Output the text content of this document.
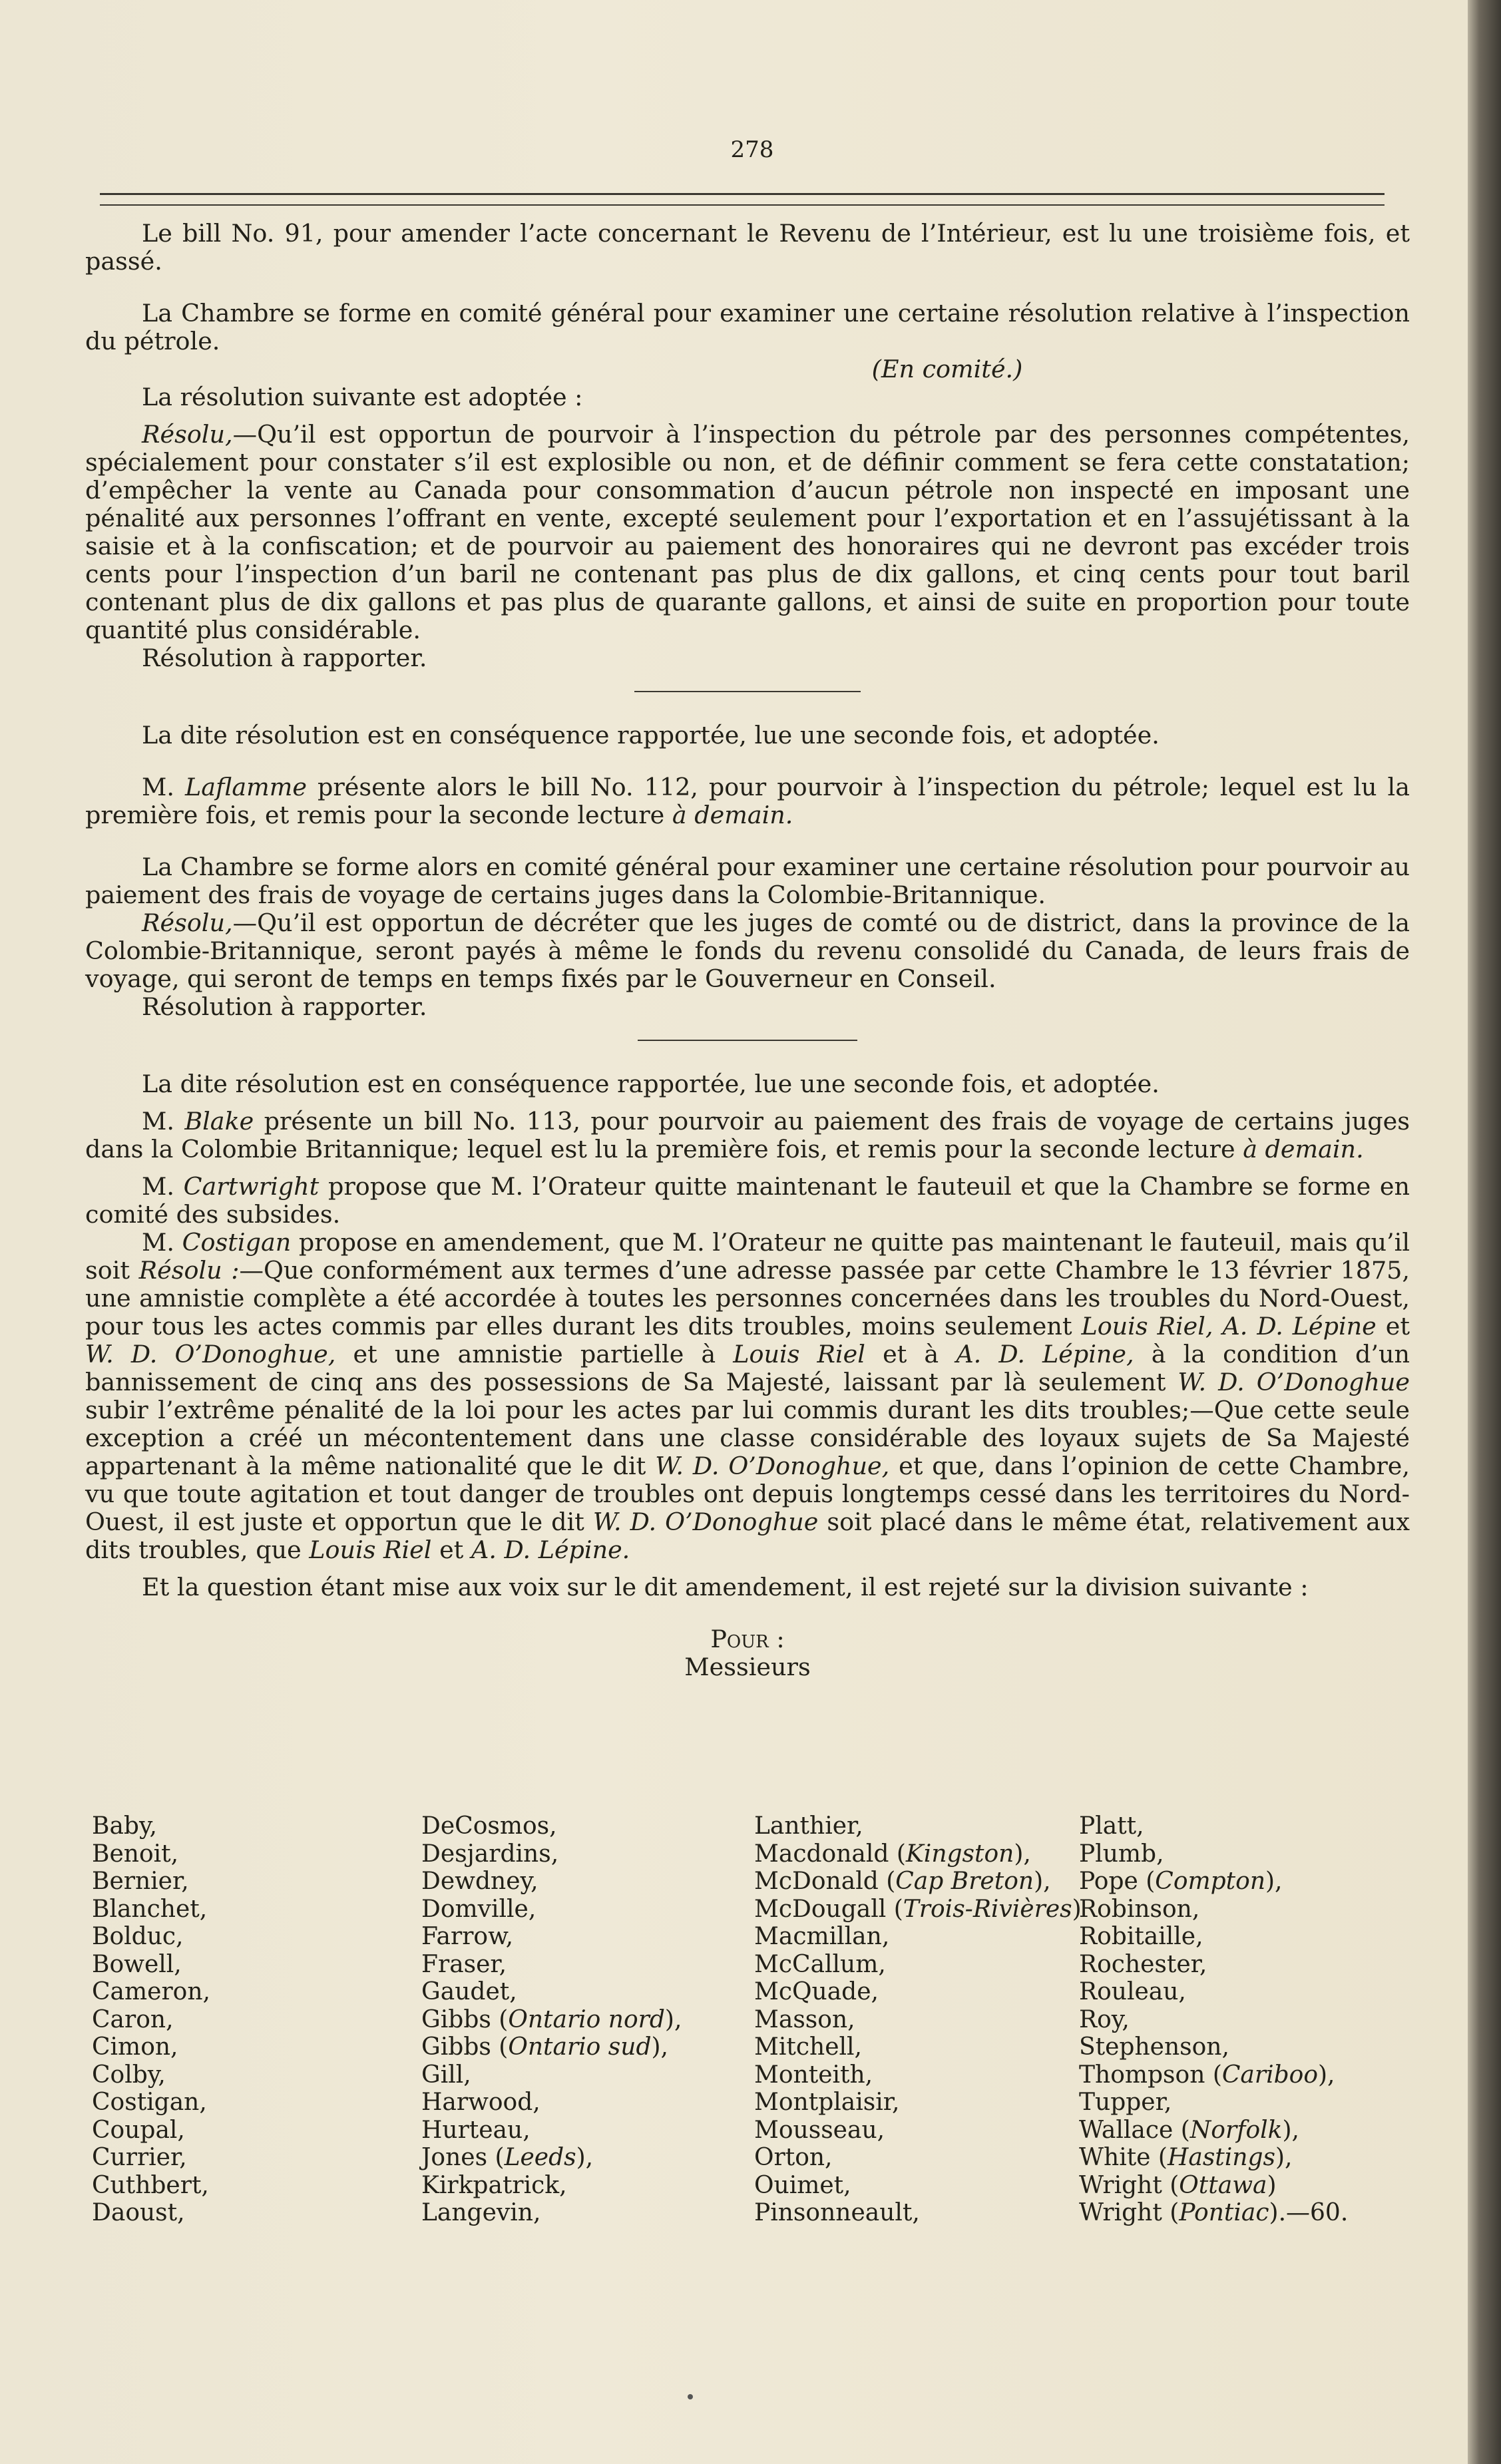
278

Le bill No. 91, pour amender l’acte concernant le Revenu de l’Intérieur, est lu une troisième fois, et passé.

La Chambre se forme en comité général pour examiner une certaine résolution relative à l’inspection du pétrole.

(En comité.)

La résolution suivante est adoptée :

Résolu,—Qu’il est opportun de pourvoir à l’inspection du pétrole par des personnes compétentes, spécialement pour constater s’il est explosible ou non, et de définir comment se fera cette constatation; d’empêcher la vente au Canada pour consommation d’aucun pétrole non inspecté en imposant une pénalité aux personnes l’offrant en vente, excepté seulement pour l’exportation et en l’assujétissant à la saisie et à la confiscation; et de pourvoir au paiement des honoraires qui ne devront pas excéder trois cents pour l’inspection d’un baril ne contenant pas plus de dix gallons, et cinq cents pour tout baril contenant plus de dix gallons et pas plus de quarante gallons, et ainsi de suite en proportion pour toute quantité plus considérable.

Résolution à rapporter.

La dite résolution est en conséquence rapportée, lue une seconde fois, et adoptée.

M. Laflamme présente alors le bill No. 112, pour pourvoir à l’inspection du pétrole; lequel est lu la première fois, et remis pour la seconde lecture à demain.

La Chambre se forme alors en comité général pour examiner une certaine résolution pour pourvoir au paiement des frais de voyage de certains juges dans la Colombie-Britannique.

Résolu,—Qu’il est opportun de décréter que les juges de comté ou de district, dans la province de la Colombie-Britannique, seront payés à même le fonds du revenu consolidé du Canada, de leurs frais de voyage, qui seront de temps en temps fixés par le Gouverneur en Conseil.

Résolution à rapporter.

La dite résolution est en conséquence rapportée, lue une seconde fois, et adoptée.

M. Blake présente un bill No. 113, pour pourvoir au paiement des frais de voyage de certains juges dans la Colombie Britannique; lequel est lu la première fois, et remis pour la seconde lecture à demain.

M. Cartwright propose que M. l’Orateur quitte maintenant le fauteuil et que la Chambre se forme en comité des subsides.

M. Costigan propose en amendement, que M. l’Orateur ne quitte pas maintenant le fauteuil, mais qu’il soit Résolu :—Que conformément aux termes d’une adresse passée par cette Chambre le 13 février 1875, une amnistie complète a été accordée à toutes les personnes concernées dans les troubles du Nord-Ouest, pour tous les actes commis par elles durant les dits troubles, moins seulement Louis Riel, A. D. Lépine et W. D. O’Donoghue, et une amnistie partielle à Louis Riel et à A. D. Lépine, à la condition d’un bannissement de cinq ans des possessions de Sa Majesté, laissant par là seulement W. D. O’Donoghue subir l’extrême pénalité de la loi pour les actes par lui commis durant les dits troubles;—Que cette seule exception a créé un mécontentement dans une classe considérable des loyaux sujets de Sa Majesté appartenant à la même nationalité que le dit W. D. O’Donoghue, et que, dans l’opinion de cette Chambre, vu que toute agitation et tout danger de troubles ont depuis longtemps cessé dans les territoires du Nord-Ouest, il est juste et opportun que le dit W. D. O’Donoghue soit placé dans le même état, relativement aux dits troubles, que Louis Riel et A. D. Lépine.

Et la question étant mise aux voix sur le dit amendement, il est rejeté sur la division suivante :

Pour :

Messieurs

Baby,
Benoit,
Bernier,
Blanchet,
Bolduc,
Bowell,
Cameron,
Caron,
Cimon,
Colby,
Costigan,
Coupal,
Currier,
Cuthbert,
Daoust,
DeCosmos,
Desjardins,
Dewdney,
Domville,
Farrow,
Fraser,
Gaudet,
Gibbs (Ontario nord),
Gibbs (Ontario sud),
Gill,
Harwood,
Hurteau,
Jones (Leeds),
Kirkpatrick,
Langevin,
Lanthier,
Macdonald (Kingston),
McDonald (Cap Breton),
McDougall (Trois-Rivières)
Macmillan,
McCallum,
McQuade,
Masson,
Mitchell,
Monteith,
Montplaisir,
Mousseau,
Orton,
Ouimet,
Pinsonneault,
Platt,
Plumb,
Pope (Compton),
Robinson,
Robitaille,
Rochester,
Rouleau,
Roy,
Stephenson,
Thompson (Cariboo),
Tupper,
Wallace (Norfolk),
White (Hastings),
Wright (Ottawa)
Wright (Pontiac).—60.
